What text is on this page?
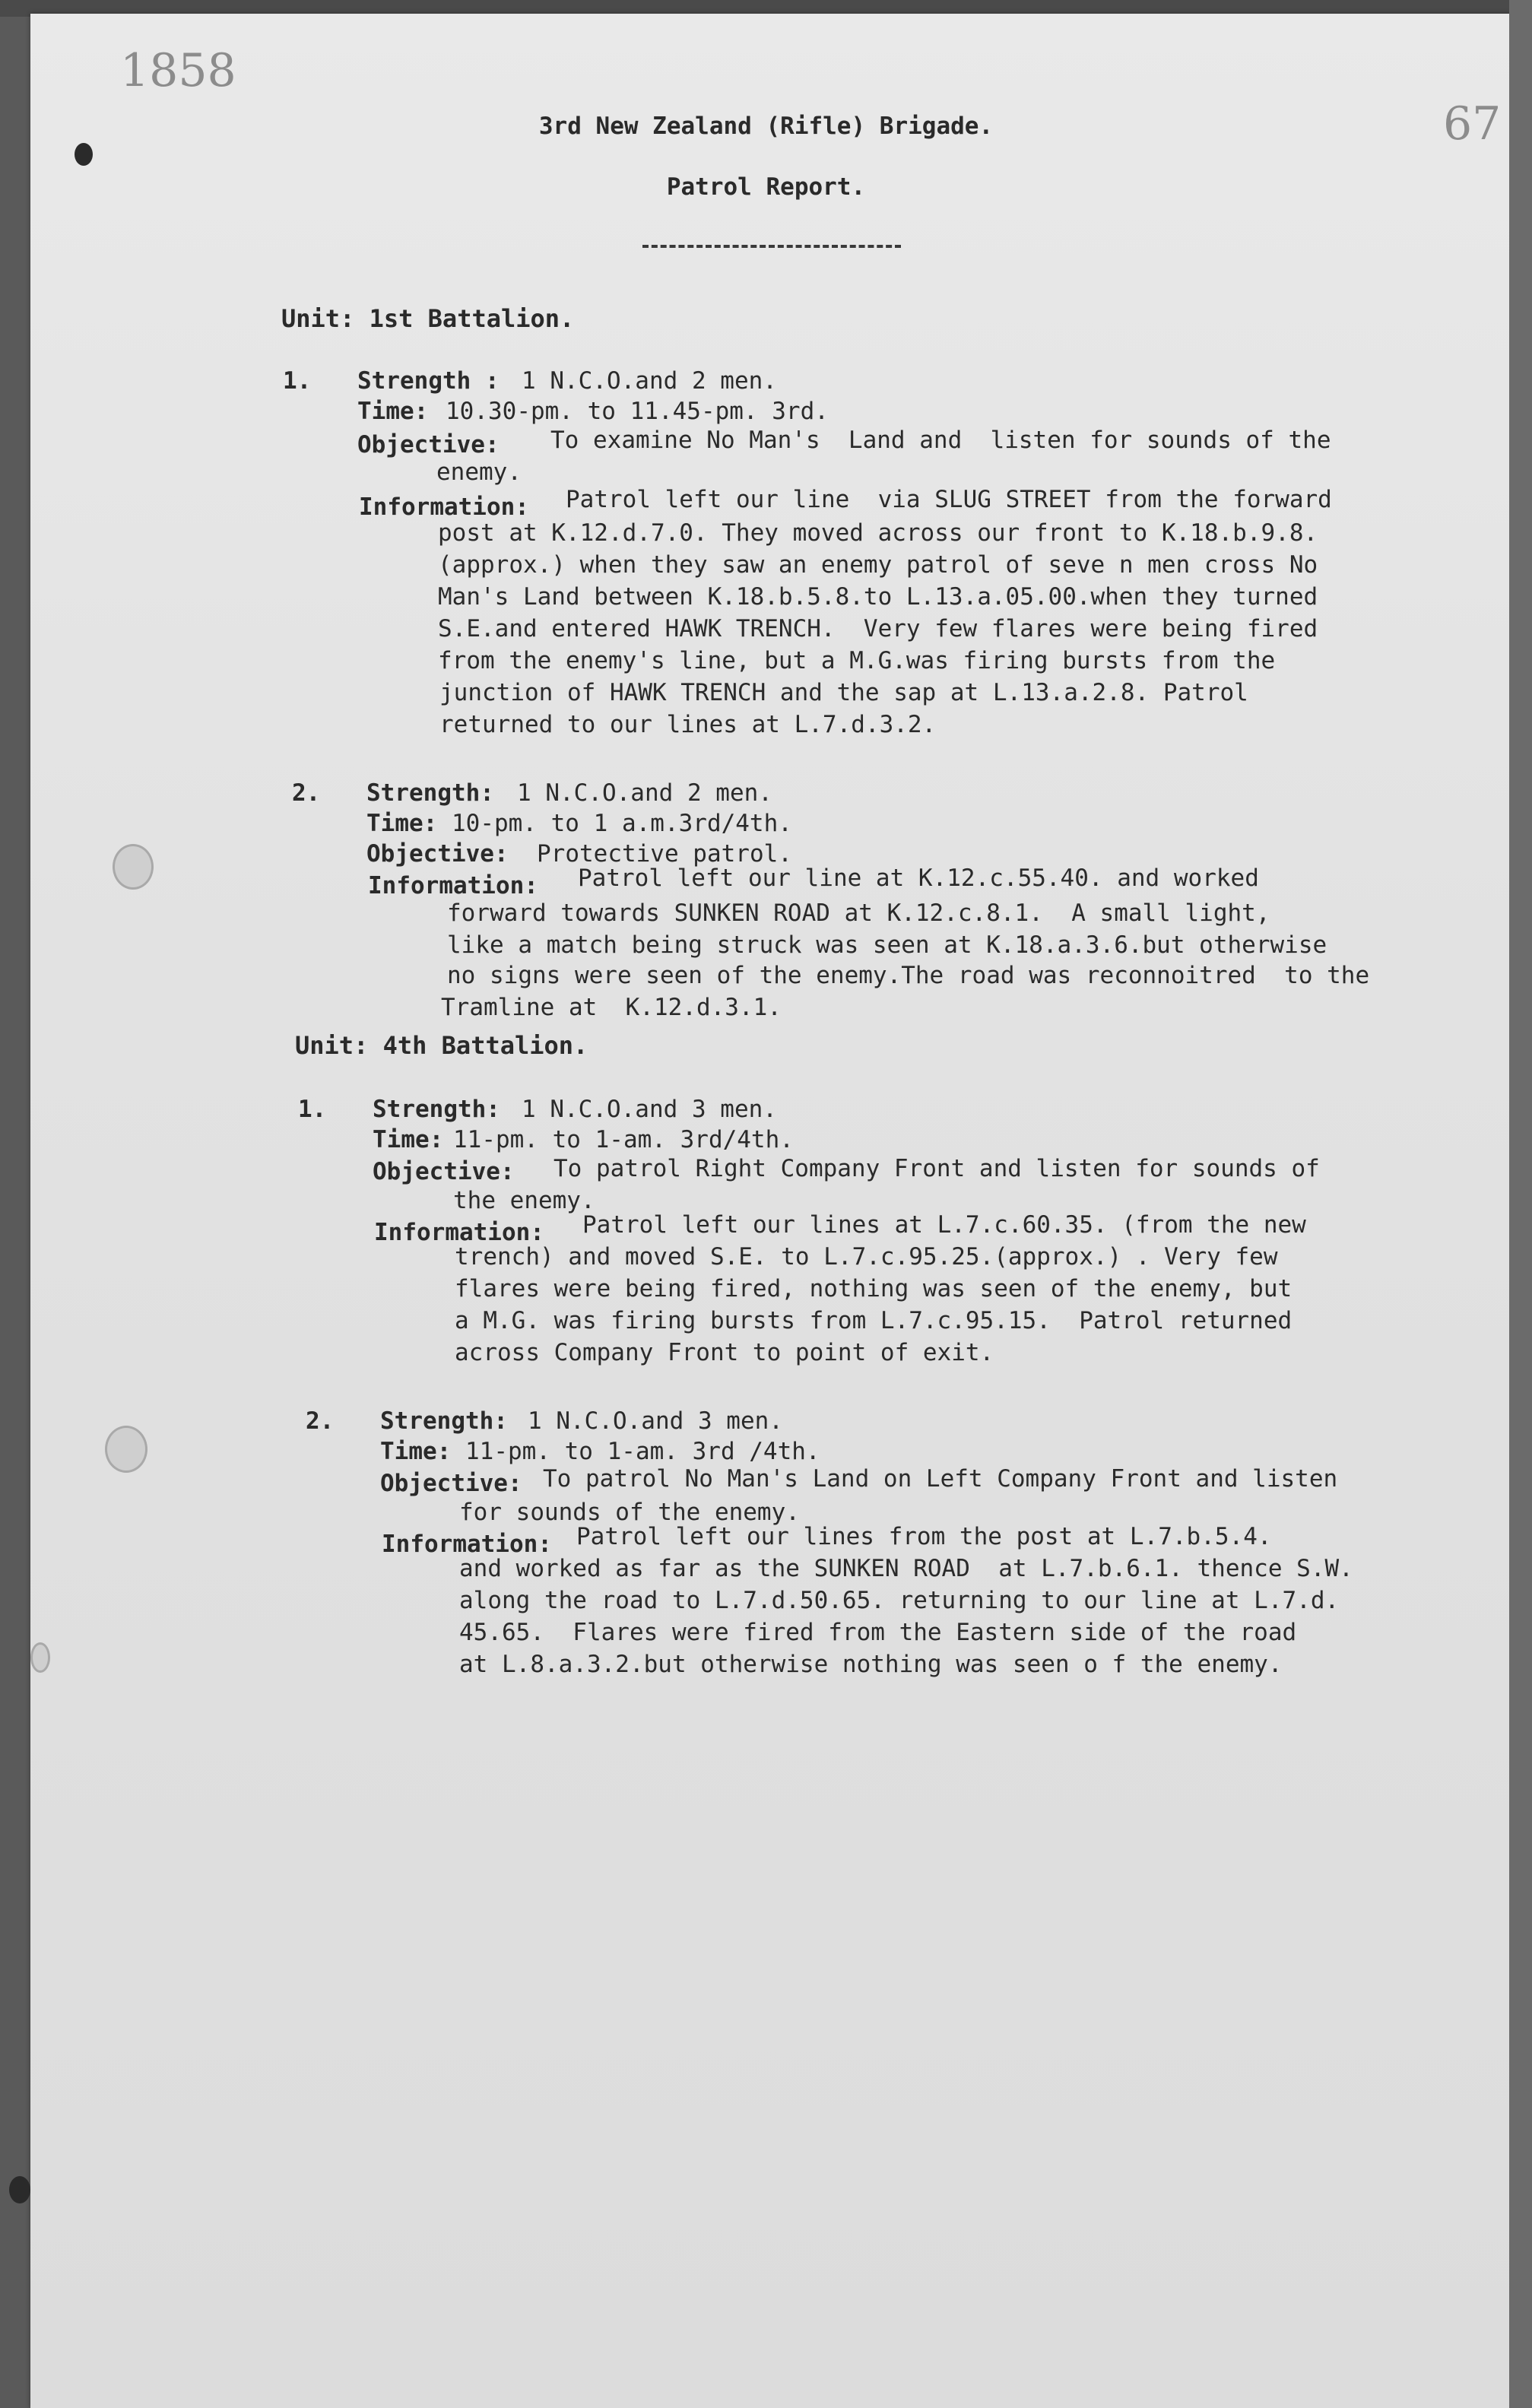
1858
67
3rd New Zealand (Rifle) Brigade.
Patrol Report.
Unit: 1st Battalion.
1. Strength : 1 N.C.O.and 2 men.
Time: 10.30-pm. to 11.45-pm. 3rd.
Objective: To examine No Man's  Land and  listen for sounds of the
enemy.
Information: Patrol left our line  via SLUG STREET from the forward
post at K.12.d.7.0. They moved across our front to K.18.b.9.8.
(approx.) when they saw an enemy patrol of seve n men cross No
Man's Land between K.18.b.5.8.to L.13.a.05.00.when they turned
S.E.and entered HAWK TRENCH.  Very few flares were being fired
from the enemy's line, but a M.G.was firing bursts from the
junction of HAWK TRENCH and the sap at L.13.a.2.8. Patrol
returned to our lines at L.7.d.3.2.
2. Strength: 1 N.C.O.and 2 men.
Time: 10-pm. to 1 a.m.3rd/4th.
Objective: Protective patrol.
Information: Patrol left our line at K.12.c.55.40. and worked
forward towards SUNKEN ROAD at K.12.c.8.1.  A small light,
like a match being struck was seen at K.18.a.3.6.but otherwise
no signs were seen of the enemy.The road was reconnoitred  to the
Tramline at  K.12.d.3.1.
Unit: 4th Battalion.
1. Strength: 1 N.C.O.and 3 men.
Time: 11-pm. to 1-am. 3rd/4th.
Objective: To patrol Right Company Front and listen for sounds of
the enemy.
Information: Patrol left our lines at L.7.c.60.35. (from the new
trench) and moved S.E. to L.7.c.95.25.(approx.) . Very few
flares were being fired, nothing was seen of the enemy, but
a M.G. was firing bursts from L.7.c.95.15.  Patrol returned
across Company Front to point of exit.
2. Strength: 1 N.C.O.and 3 men.
Time: 11-pm. to 1-am. 3rd /4th.
Objective: To patrol No Man's Land on Left Company Front and listen
for sounds of the enemy.
Information: Patrol left our lines from the post at L.7.b.5.4.
and worked as far as the SUNKEN ROAD  at L.7.b.6.1. thence S.W.
along the road to L.7.d.50.65. returning to our line at L.7.d.
45.65.  Flares were fired from the Eastern side of the road
at L.8.a.3.2.but otherwise nothing was seen o f the enemy.
